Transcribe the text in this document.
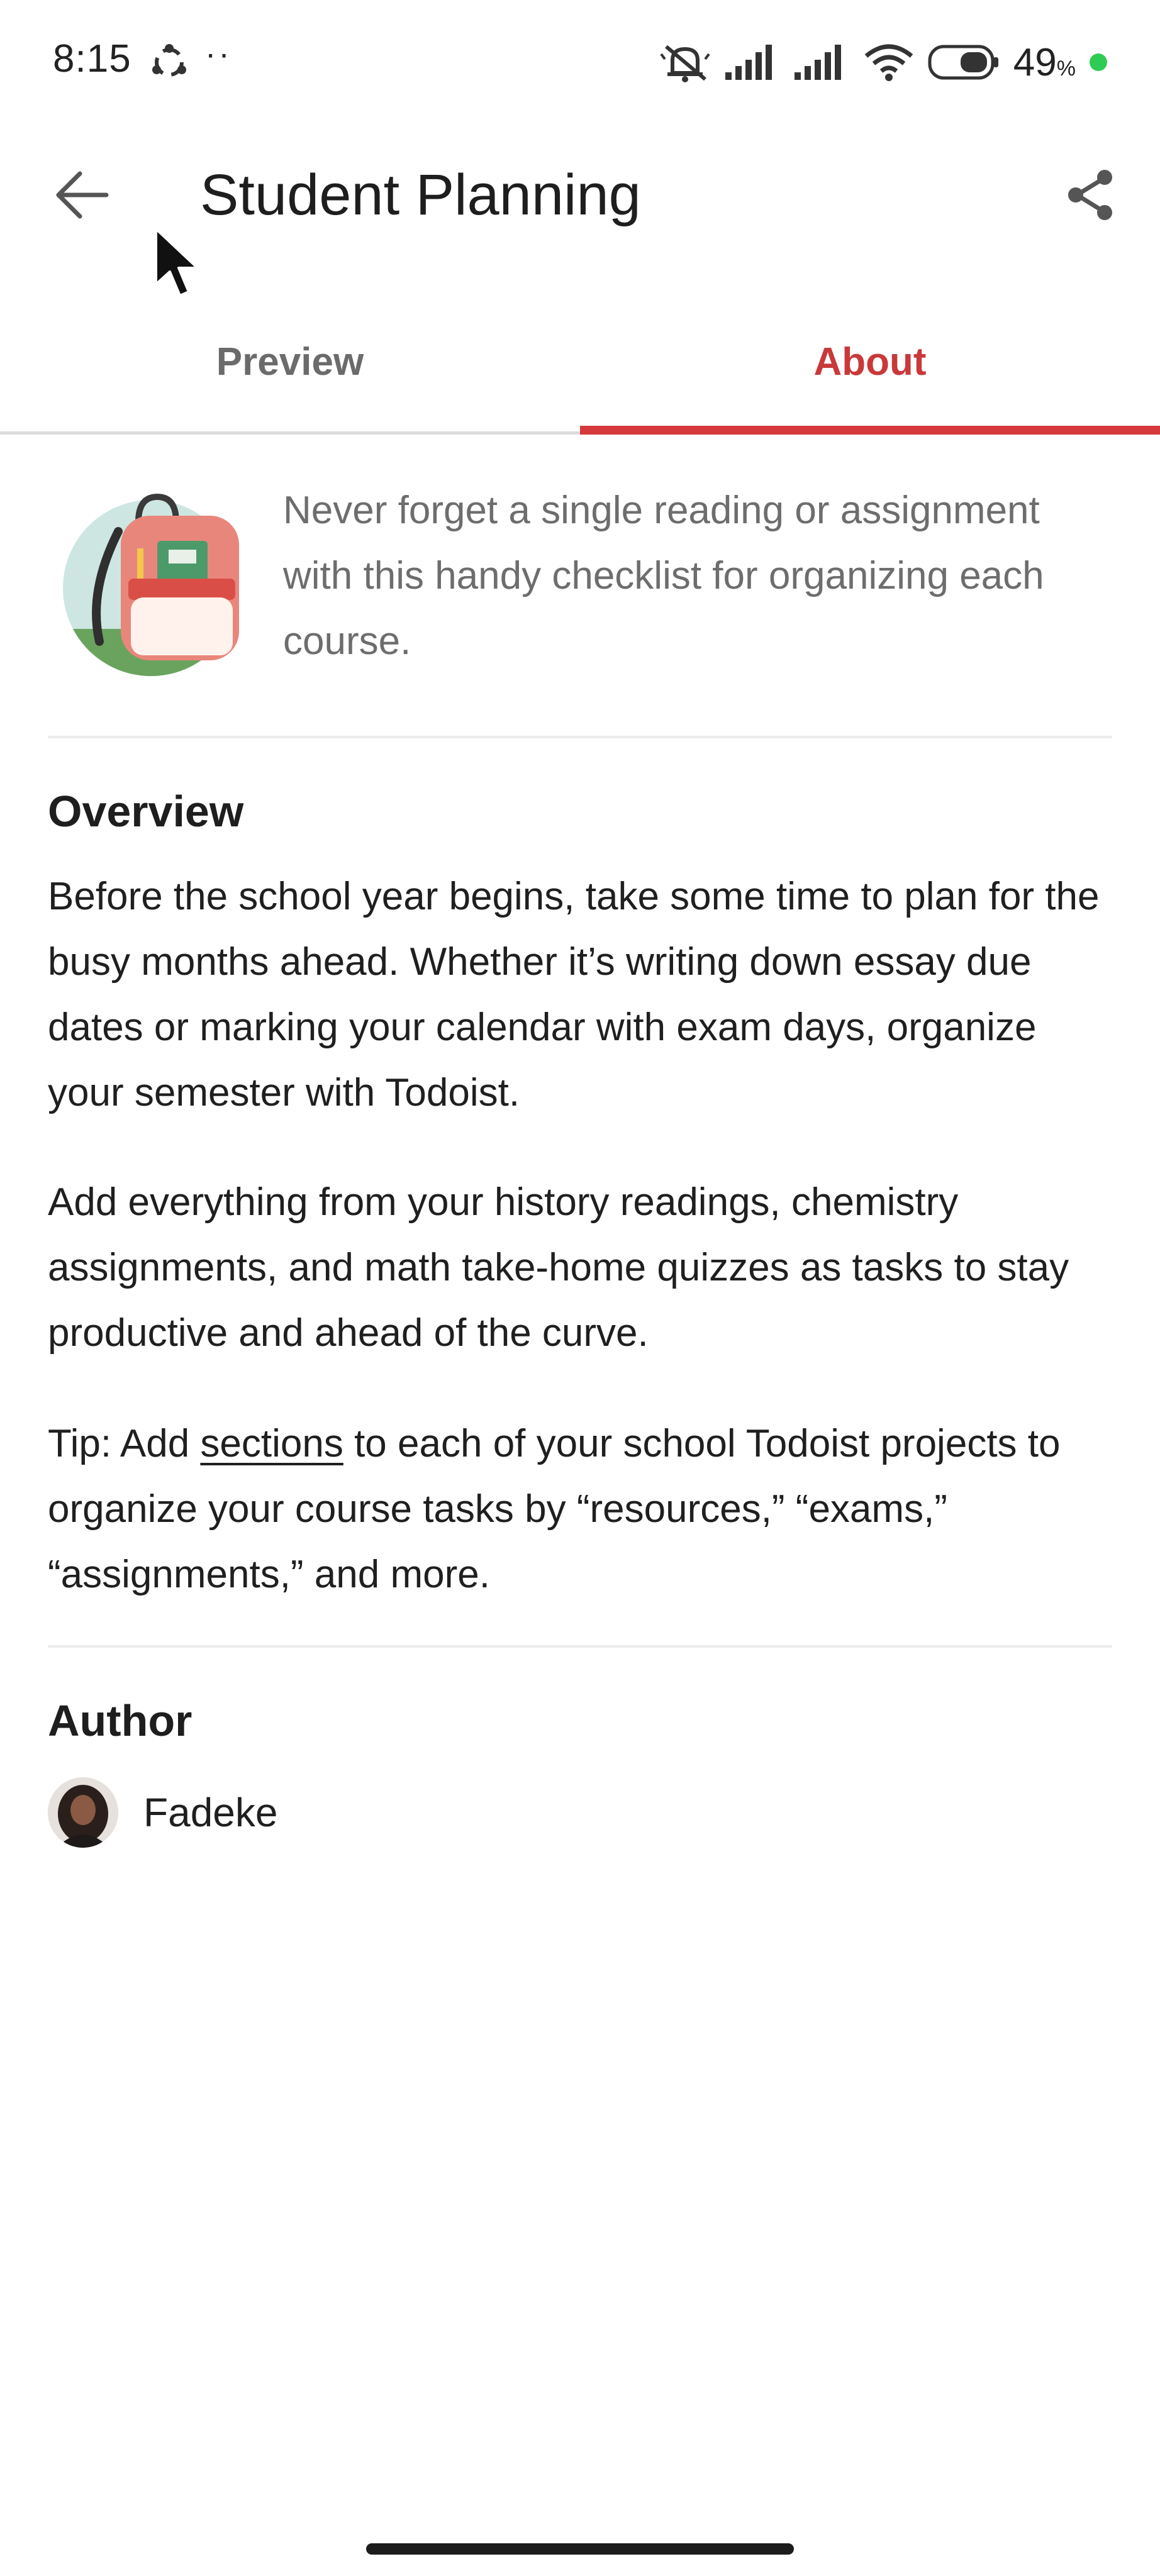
8:15 ··	49%
Student Planning
Preview	About
Never forget a single reading or assignment with this handy checklist for organizing each course.
Overview
Before the school year begins, take some time to plan for the busy months ahead. Whether it’s writing down essay due dates or marking your calendar with exam days, organize your semester with Todoist.
Add everything from your history readings, chemistry assignments, and math take-home quizzes as tasks to stay productive and ahead of the curve.
Tip: Add sections to each of your school Todoist projects to organize your course tasks by “resources,” “exams,” “assignments,” and more.
Author
Fadeke
